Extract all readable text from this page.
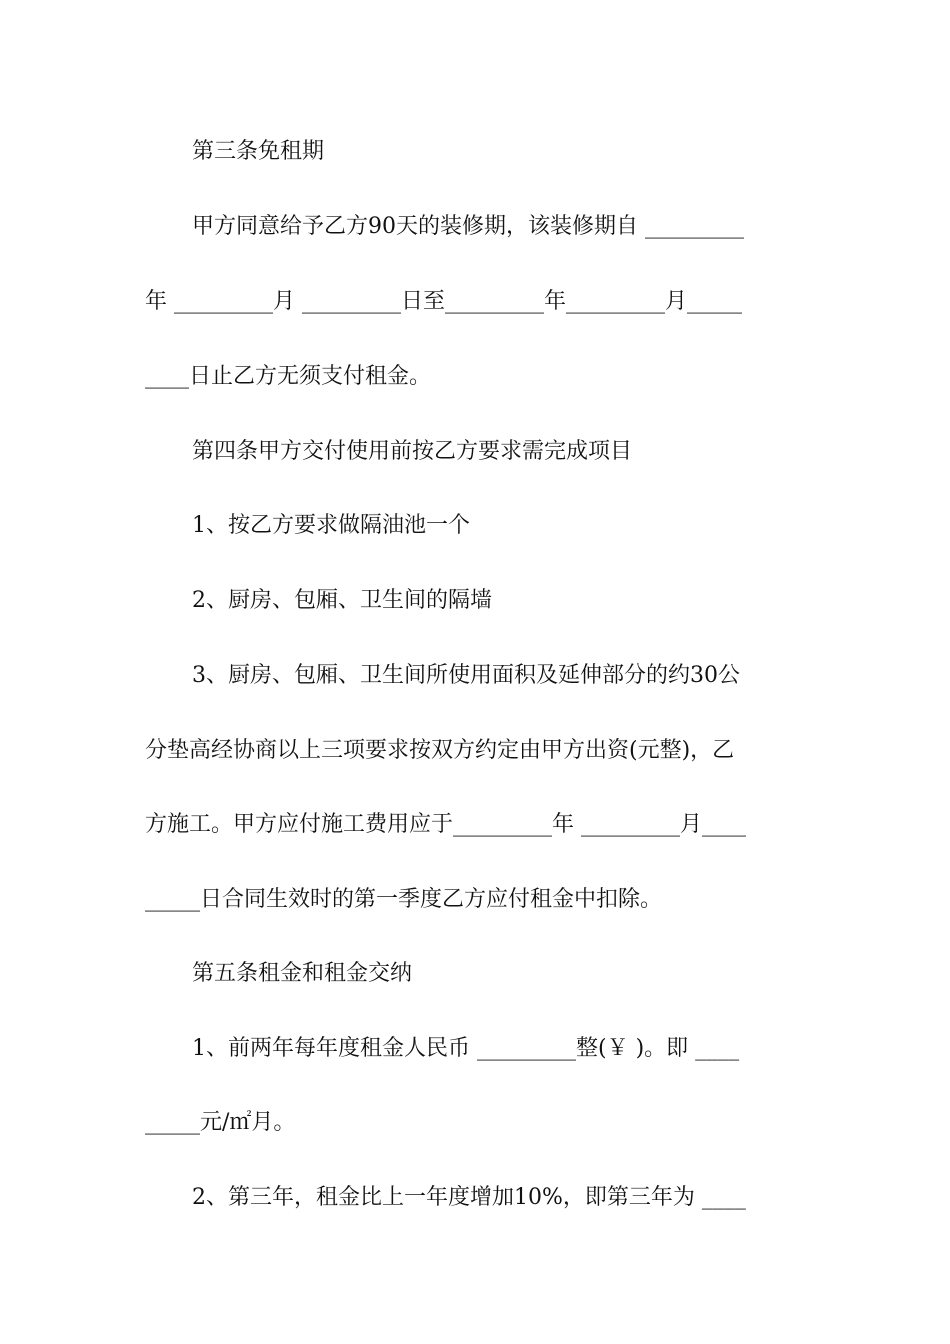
第三条免租期
甲方同意给予乙方90天的装修期，该装修期自 _________
年 _________月 _________日至_________年_________月_____
____日止乙方无须支付租金。
第四条甲方交付使用前按乙方要求需完成项目
1、按乙方要求做隔油池一个
2、厨房、包厢、卫生间的隔墙
3、厨房、包厢、卫生间所使用面积及延伸部分的约30公
分垫高经协商以上三项要求按双方约定由甲方出资(元整)，乙
方施工。甲方应付施工费用应于_________年 _________月____
_____日合同生效时的第一季度乙方应付租金中扣除。
第五条租金和租金交纳
1、前两年每年度租金人民币 _________整(￥ )。即 ____
_____元/㎡月。
2、第三年，租金比上一年度增加10%，即第三年为 ____
